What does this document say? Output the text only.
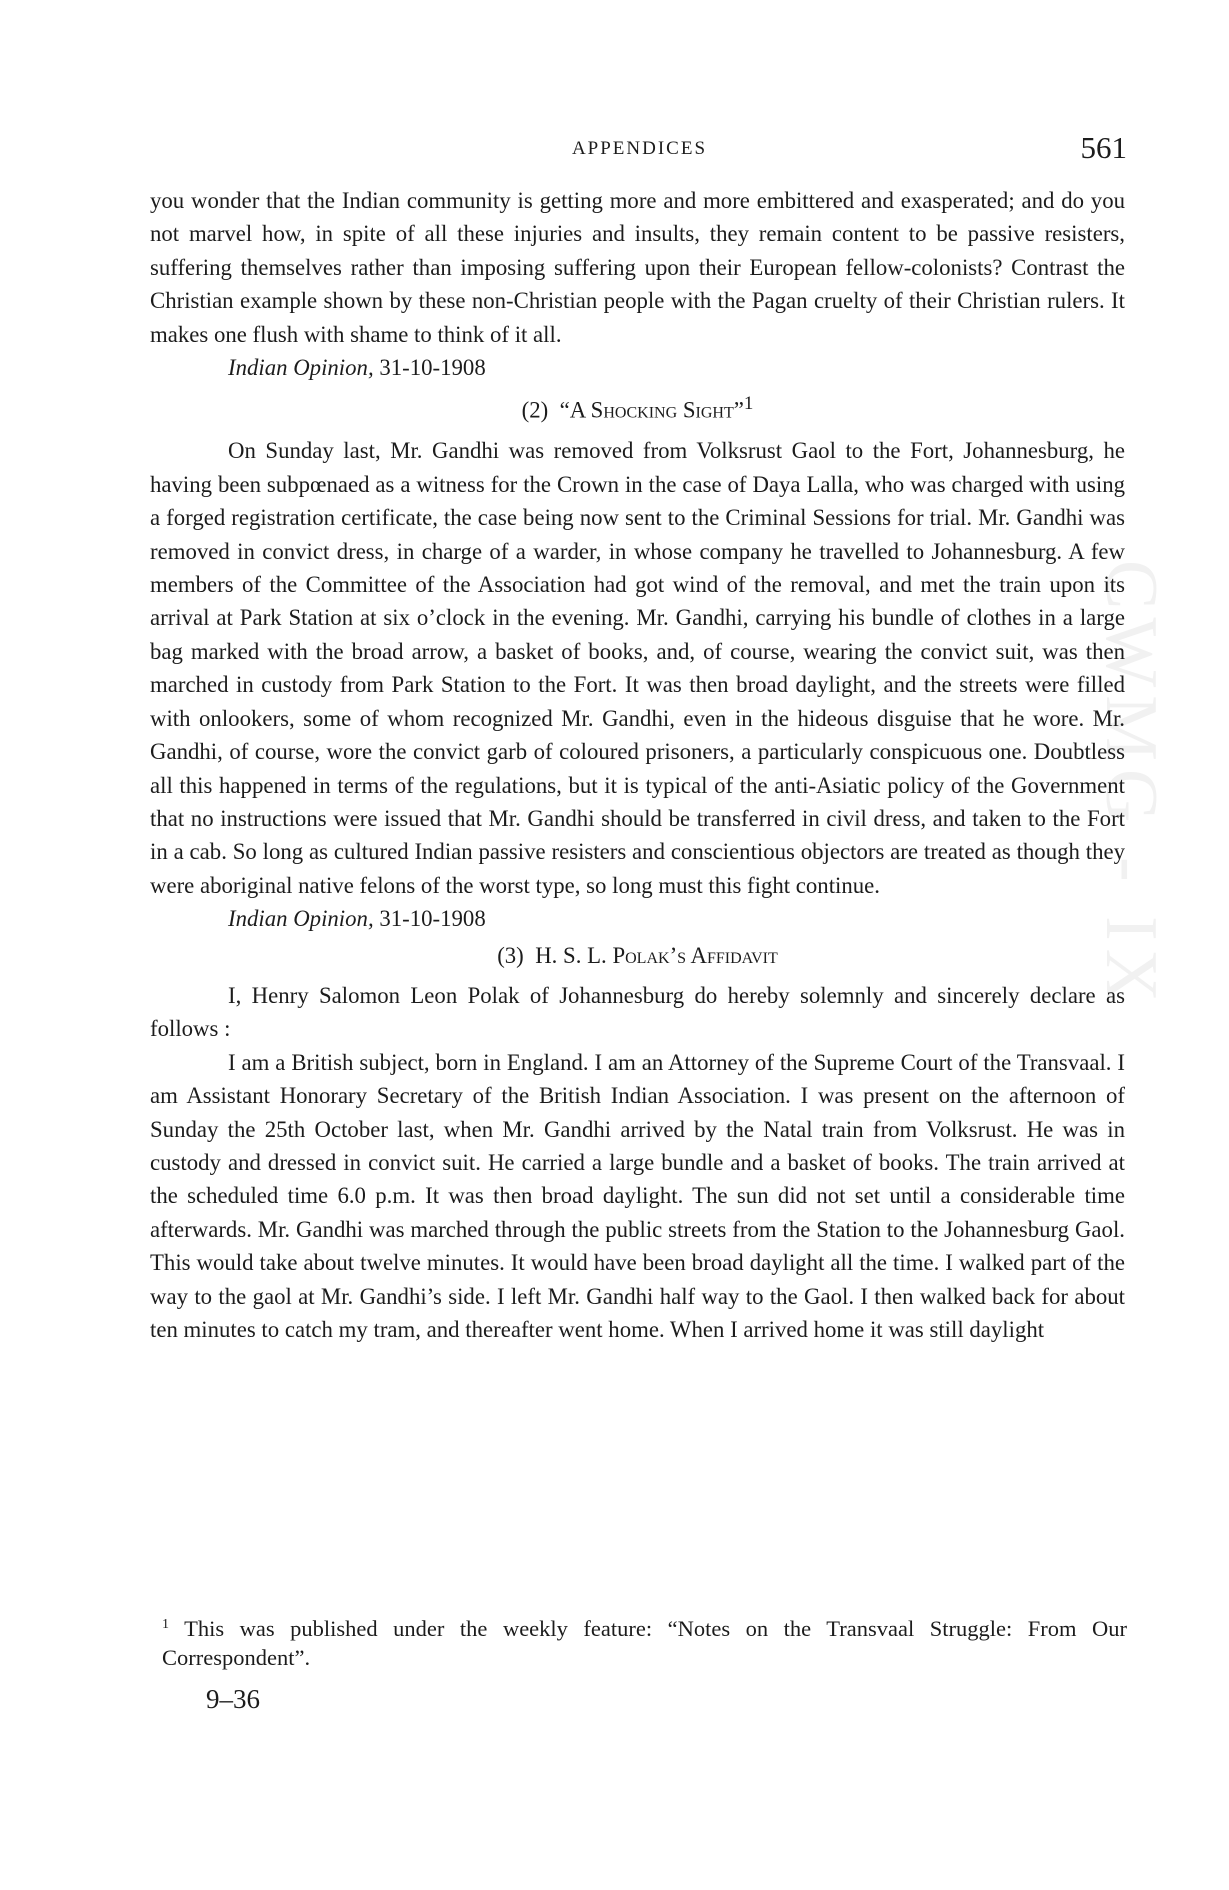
CWMG - IX
APPENDICES	561

you wonder that the Indian community is getting more and more embittered and exasperated; and do you not marvel how, in spite of all these injuries and insults, they remain content to be passive resisters, suffering themselves rather than imposing suffering upon their European fellow-colonists? Contrast the Christian example shown by these non-Christian people with the Pagan cruelty of their Christian rulers. It makes one flush with shame to think of it all.

Indian Opinion, 31-10-1908
(2) “A Shocking Sight”$^1$

On Sunday last, Mr. Gandhi was removed from Volksrust Gaol to the Fort, Johannesburg, he having been subpœnaed as a witness for the Crown in the case of Daya Lalla, who was charged with using a forged registration certificate, the case being now sent to the Criminal Sessions for trial. Mr. Gandhi was removed in convict dress, in charge of a warder, in whose company he travelled to Johannesburg. A few members of the Committee of the Association had got wind of the removal, and met the train upon its arrival at Park Station at six o’clock in the evening. Mr. Gandhi, carrying his bundle of clothes in a large bag marked with the broad arrow, a basket of books, and, of course, wearing the convict suit, was then marched in custody from Park Station to the Fort. It was then broad daylight, and the streets were filled with onlookers, some of whom recognized Mr. Gandhi, even in the hideous disguise that he wore. Mr. Gandhi, of course, wore the convict garb of coloured prisoners, a particularly conspicuous one. Doubtless all this happened in terms of the regulations, but it is typical of the anti-Asiatic policy of the Government that no instructions were issued that Mr. Gandhi should be transferred in civil dress, and taken to the Fort in a cab. So long as cultured Indian passive resisters and conscientious objectors are treated as though they were aboriginal native felons of the worst type, so long must this fight continue.

Indian Opinion, 31-10-1908
(3) H. S. L. Polak’s Affidavit

I, Henry Salomon Leon Polak of Johannesburg do hereby solemnly and sincerely declare as follows :

I am a British subject, born in England. I am an Attorney of the Supreme Court of the Transvaal. I am Assistant Honorary Secretary of the British Indian Association. I was present on the afternoon of Sunday the 25th October last, when Mr. Gandhi arrived by the Natal train from Volksrust. He was in custody and dressed in convict suit. He carried a large bundle and a basket of books. The train arrived at the scheduled time 6.0 p.m. It was then broad daylight. The sun did not set until a considerable time afterwards. Mr. Gandhi was marched through the public streets from the Station to the Johannesburg Gaol. This would take about twelve minutes. It would have been broad daylight all the time. I walked part of the way to the gaol at Mr. Gandhi’s side. I left Mr. Gandhi half way to the Gaol. I then walked back for about ten minutes to catch my tram, and thereafter went home. When I arrived home it was still daylight

$^1$ This was published under the weekly feature: “Notes on the Transvaal Struggle: From Our Correspondent”.
9–36
